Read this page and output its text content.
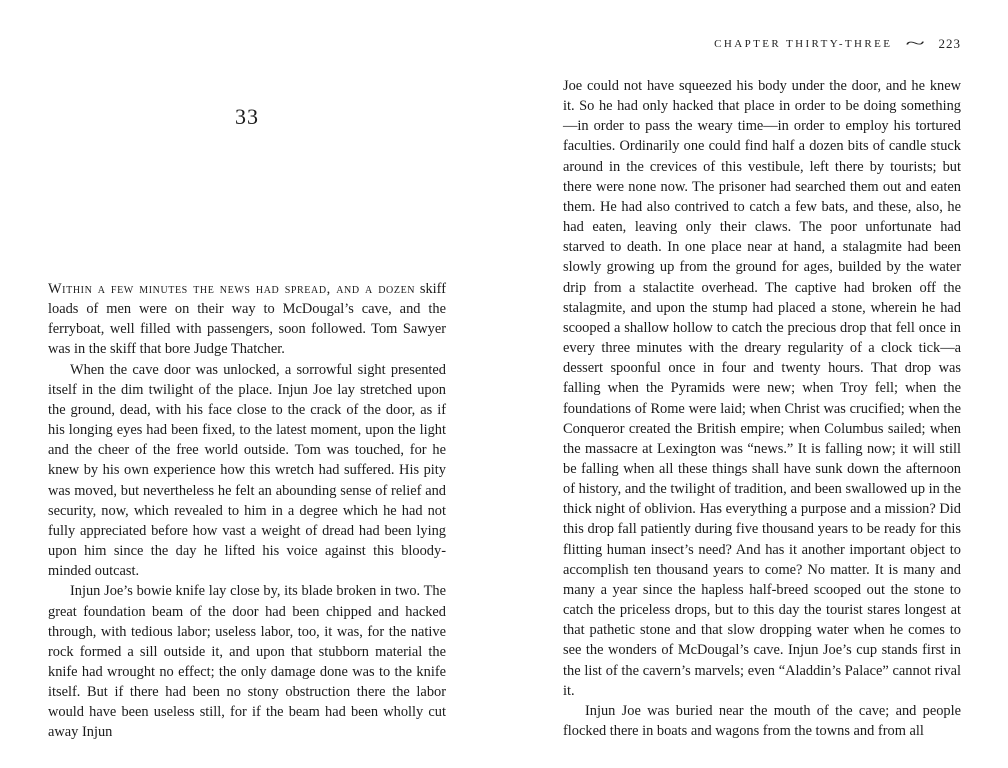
CHAPTER THIRTY-THREE ~ 223
33

Within a few minutes the news had spread, and a dozen skiff loads of men were on their way to McDougal’s cave, and the ferryboat, well filled with passengers, soon followed. Tom Sawyer was in the skiff that bore Judge Thatcher.

When the cave door was unlocked, a sorrowful sight presented itself in the dim twilight of the place. Injun Joe lay stretched upon the ground, dead, with his face close to the crack of the door, as if his longing eyes had been fixed, to the latest moment, upon the light and the cheer of the free world outside. Tom was touched, for he knew by his own experience how this wretch had suffered. His pity was moved, but nevertheless he felt an abounding sense of relief and security, now, which revealed to him in a degree which he had not fully appreciated before how vast a weight of dread had been lying upon him since the day he lifted his voice against this bloody-minded outcast.

Injun Joe’s bowie knife lay close by, its blade broken in two. The great foundation beam of the door had been chipped and hacked through, with tedious labor; useless labor, too, it was, for the native rock formed a sill outside it, and upon that stubborn material the knife had wrought no effect; the only damage done was to the knife itself. But if there had been no stony obstruction there the labor would have been useless still, for if the beam had been wholly cut away Injun

Joe could not have squeezed his body under the door, and he knew it. So he had only hacked that place in order to be doing something—in order to pass the weary time—in order to employ his tortured faculties. Ordinarily one could find half a dozen bits of candle stuck around in the crevices of this vestibule, left there by tourists; but there were none now. The prisoner had searched them out and eaten them. He had also contrived to catch a few bats, and these, also, he had eaten, leaving only their claws. The poor unfortunate had starved to death. In one place near at hand, a stalagmite had been slowly growing up from the ground for ages, builded by the water drip from a stalactite overhead. The captive had broken off the stalagmite, and upon the stump had placed a stone, wherein he had scooped a shallow hollow to catch the precious drop that fell once in every three minutes with the dreary regularity of a clock tick—a dessert spoonful once in four and twenty hours. That drop was falling when the Pyramids were new; when Troy fell; when the foundations of Rome were laid; when Christ was crucified; when the Conqueror created the British empire; when Columbus sailed; when the massacre at Lexington was “news.” It is falling now; it will still be falling when all these things shall have sunk down the afternoon of history, and the twilight of tradition, and been swallowed up in the thick night of oblivion. Has everything a purpose and a mission? Did this drop fall patiently during five thousand years to be ready for this flitting human insect’s need? And has it another important object to accomplish ten thousand years to come? No matter. It is many and many a year since the hapless half-breed scooped out the stone to catch the priceless drops, but to this day the tourist stares longest at that pathetic stone and that slow dropping water when he comes to see the wonders of McDougal’s cave. Injun Joe’s cup stands first in the list of the cavern’s marvels; even “Aladdin’s Palace” cannot rival it.

Injun Joe was buried near the mouth of the cave; and people flocked there in boats and wagons from the towns and from all
